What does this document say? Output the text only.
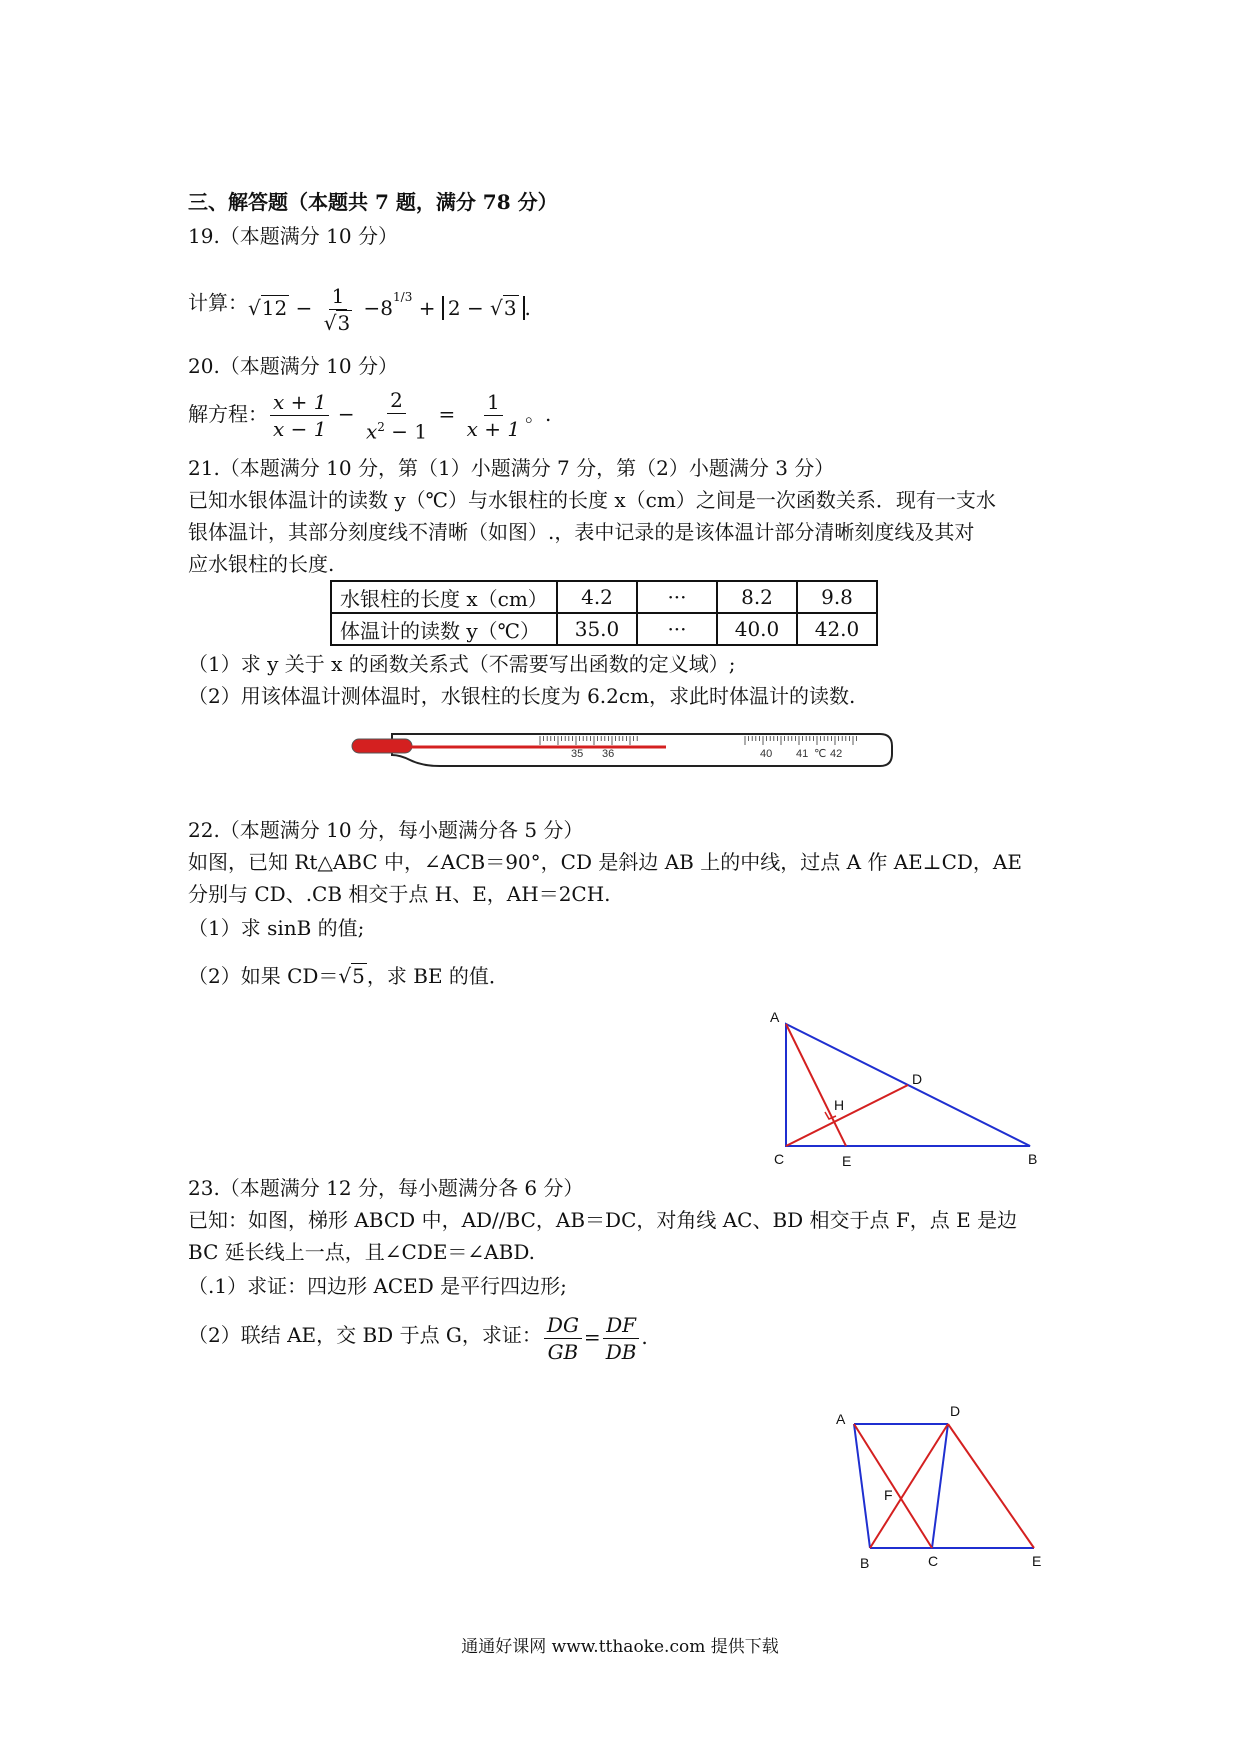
三、解答题（本题共 7 题，满分 78 分）
19.（本题满分 10 分）
计算：$√12 - \frac{1}{√3} -8^{1/3} + 2 - √3$ .
20.（本题满分 10 分）
解方程： $\frac{x + 1}{x - 1} - \frac{2}{x^2 - 1} = \frac{1}{x + 1}$ 。.
21.（本题满分 10 分，第（1）小题满分 7 分，第（2）小题满分 3 分）
已知水银体温计的读数 y（℃）与水银柱的长度 x（cm）之间是一次函数关系．现有一支水
银体温计，其部分刻度线不清晰（如图）.，表中记录的是该体温计部分清晰刻度线及其对
应水银柱的长度.
水银柱的长度 x（cm）	4.2	···	8.2	9.8
体温计的读数 y（℃）	35.0	···	40.0	42.0
（1）求 y 关于 x 的函数关系式（不需要写出函数的定义域）;
（2）用该体温计测体温时，水银柱的长度为 6.2cm，求此时体温计的读数.
35 36	40 41 ℃ 42
22.（本题满分 10 分，每小题满分各 5 分）
如图，已知 Rt△ABC 中，∠ACB＝90°，CD 是斜边 AB 上的中线，过点 A 作 AE⊥CD，AE
分别与 CD、.CB 相交于点 H、E，AH＝2CH.
（1）求 sinB 的值;
（2）如果 CD＝√5 ，求 BE 的值．
A
D
H
C	E	B
23.（本题满分 12 分，每小题满分各 6 分）
已知：如图，梯形 ABCD 中，AD//BC，AB＝DC，对角线 AC、BD 相交于点 F，点 E 是边
BC 延长线上一点，且∠CDE＝∠ABD.
（.1）求证：四边形 ACED 是平行四边形;
（2）联结 AE，交 BD 于点 G，求证： $\frac{DG}{GB} = \frac{DF}{DB}$ .
A	D
F
B	C	E
通通好课网 www.tthaoke.com 提供下载
